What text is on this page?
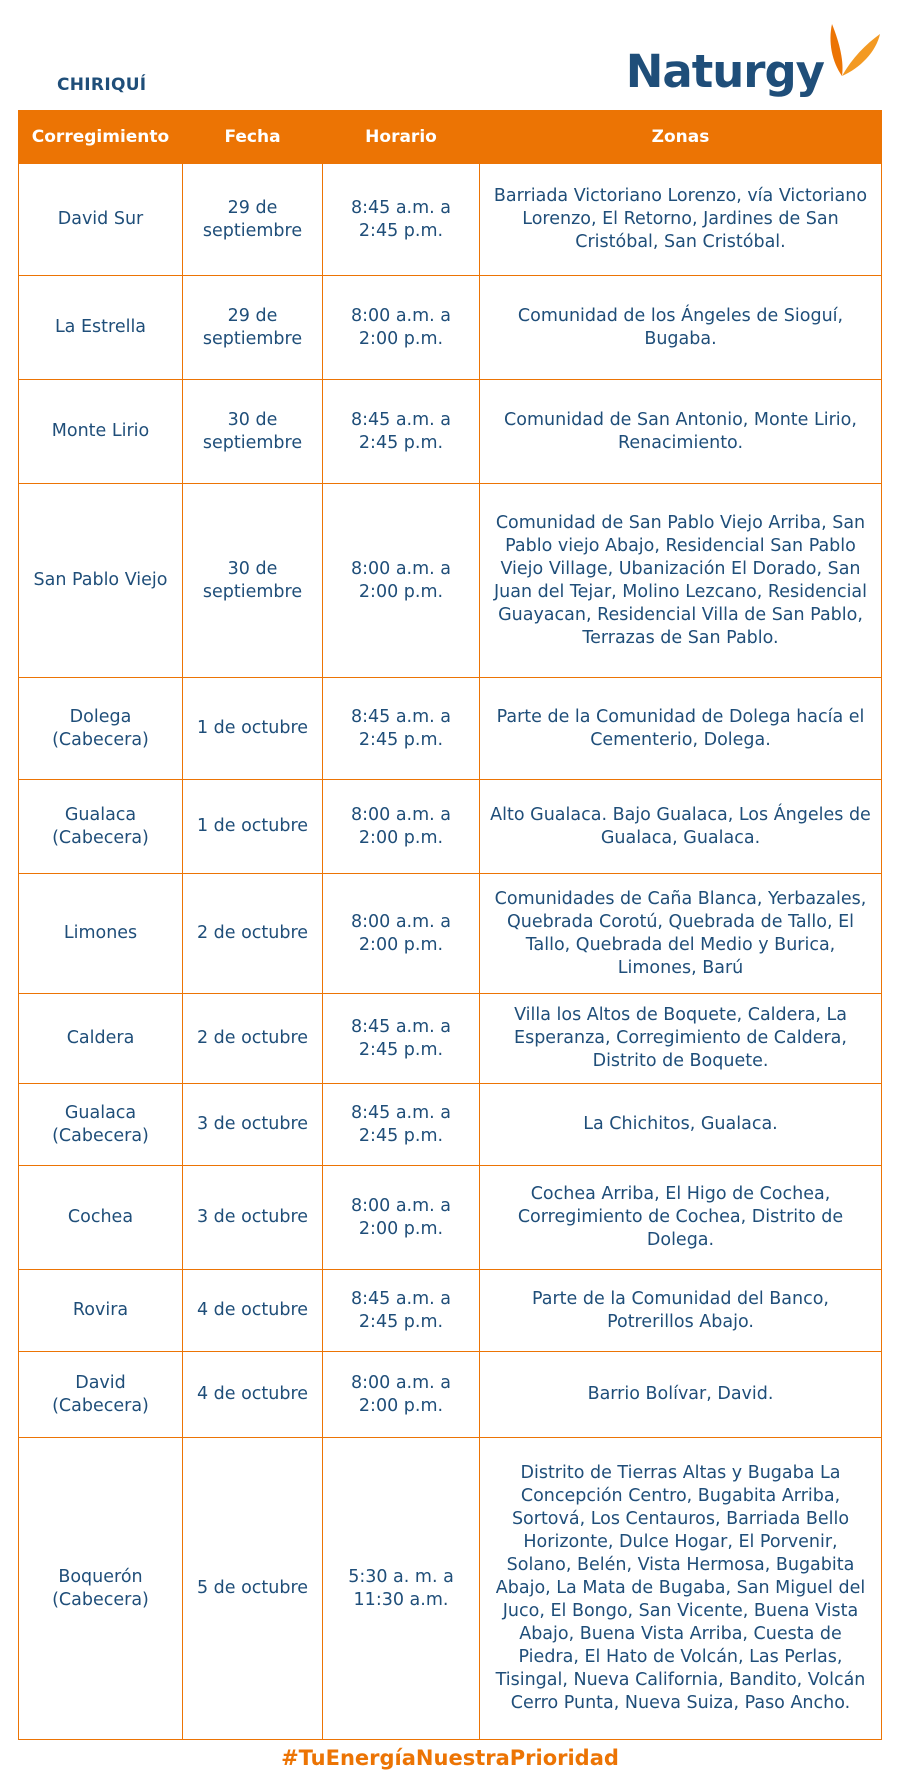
CHIRIQUÍ	Naturgy
Corregimiento	Fecha	Horario	Zonas
David Sur	29 de septiembre	8:45 a.m. a 2:45 p.m.	Barriada Victoriano Lorenzo, vía Victoriano Lorenzo, El Retorno, Jardines de San Cristóbal, San Cristóbal.
La Estrella	29 de septiembre	8:00 a.m. a 2:00 p.m.	Comunidad de los Ángeles de Sioguí, Bugaba.
Monte Lirio	30 de septiembre	8:45 a.m. a 2:45 p.m.	Comunidad de San Antonio, Monte Lirio, Renacimiento.
San Pablo Viejo	30 de septiembre	8:00 a.m. a 2:00 p.m.	Comunidad de San Pablo Viejo Arriba, San Pablo viejo Abajo, Residencial San Pablo Viejo Village, Ubanización El Dorado, San Juan del Tejar, Molino Lezcano, Residencial Guayacan, Residencial Villa de San Pablo, Terrazas de San Pablo.
Dolega (Cabecera)	1 de octubre	8:45 a.m. a 2:45 p.m.	Parte de la Comunidad de Dolega hacía el Cementerio, Dolega.
Gualaca (Cabecera)	1 de octubre	8:00 a.m. a 2:00 p.m.	Alto Gualaca. Bajo Gualaca, Los Ángeles de Gualaca, Gualaca.
Limones	2 de octubre	8:00 a.m. a 2:00 p.m.	Comunidades de Caña Blanca, Yerbazales, Quebrada Corotú, Quebrada de Tallo, El Tallo, Quebrada del Medio y Burica, Limones, Barú
Caldera	2 de octubre	8:45 a.m. a 2:45 p.m.	Villa los Altos de Boquete, Caldera, La Esperanza, Corregimiento de Caldera, Distrito de Boquete.
Gualaca (Cabecera)	3 de octubre	8:45 a.m. a 2:45 p.m.	La Chichitos, Gualaca.
Cochea	3 de octubre	8:00 a.m. a 2:00 p.m.	Cochea Arriba, El Higo de Cochea, Corregimiento de Cochea, Distrito de Dolega.
Rovira	4 de octubre	8:45 a.m. a 2:45 p.m.	Parte de la Comunidad del Banco, Potrerillos Abajo.
David (Cabecera)	4 de octubre	8:00 a.m. a 2:00 p.m.	Barrio Bolívar, David.
Boquerón (Cabecera)	5 de octubre	5:30 a. m. a 11:30 a.m.	Distrito de Tierras Altas y Bugaba La Concepción Centro, Bugabita Arriba, Sortová, Los Centauros, Barriada Bello Horizonte, Dulce Hogar, El Porvenir, Solano, Belén, Vista Hermosa, Bugabita Abajo, La Mata de Bugaba, San Miguel del Juco, El Bongo, San Vicente, Buena Vista Abajo, Buena Vista Arriba, Cuesta de Piedra, El Hato de Volcán, Las Perlas, Tisingal, Nueva California, Bandito, Volcán Cerro Punta, Nueva Suiza, Paso Ancho.
#TuEnergíaNuestraPrioridad
